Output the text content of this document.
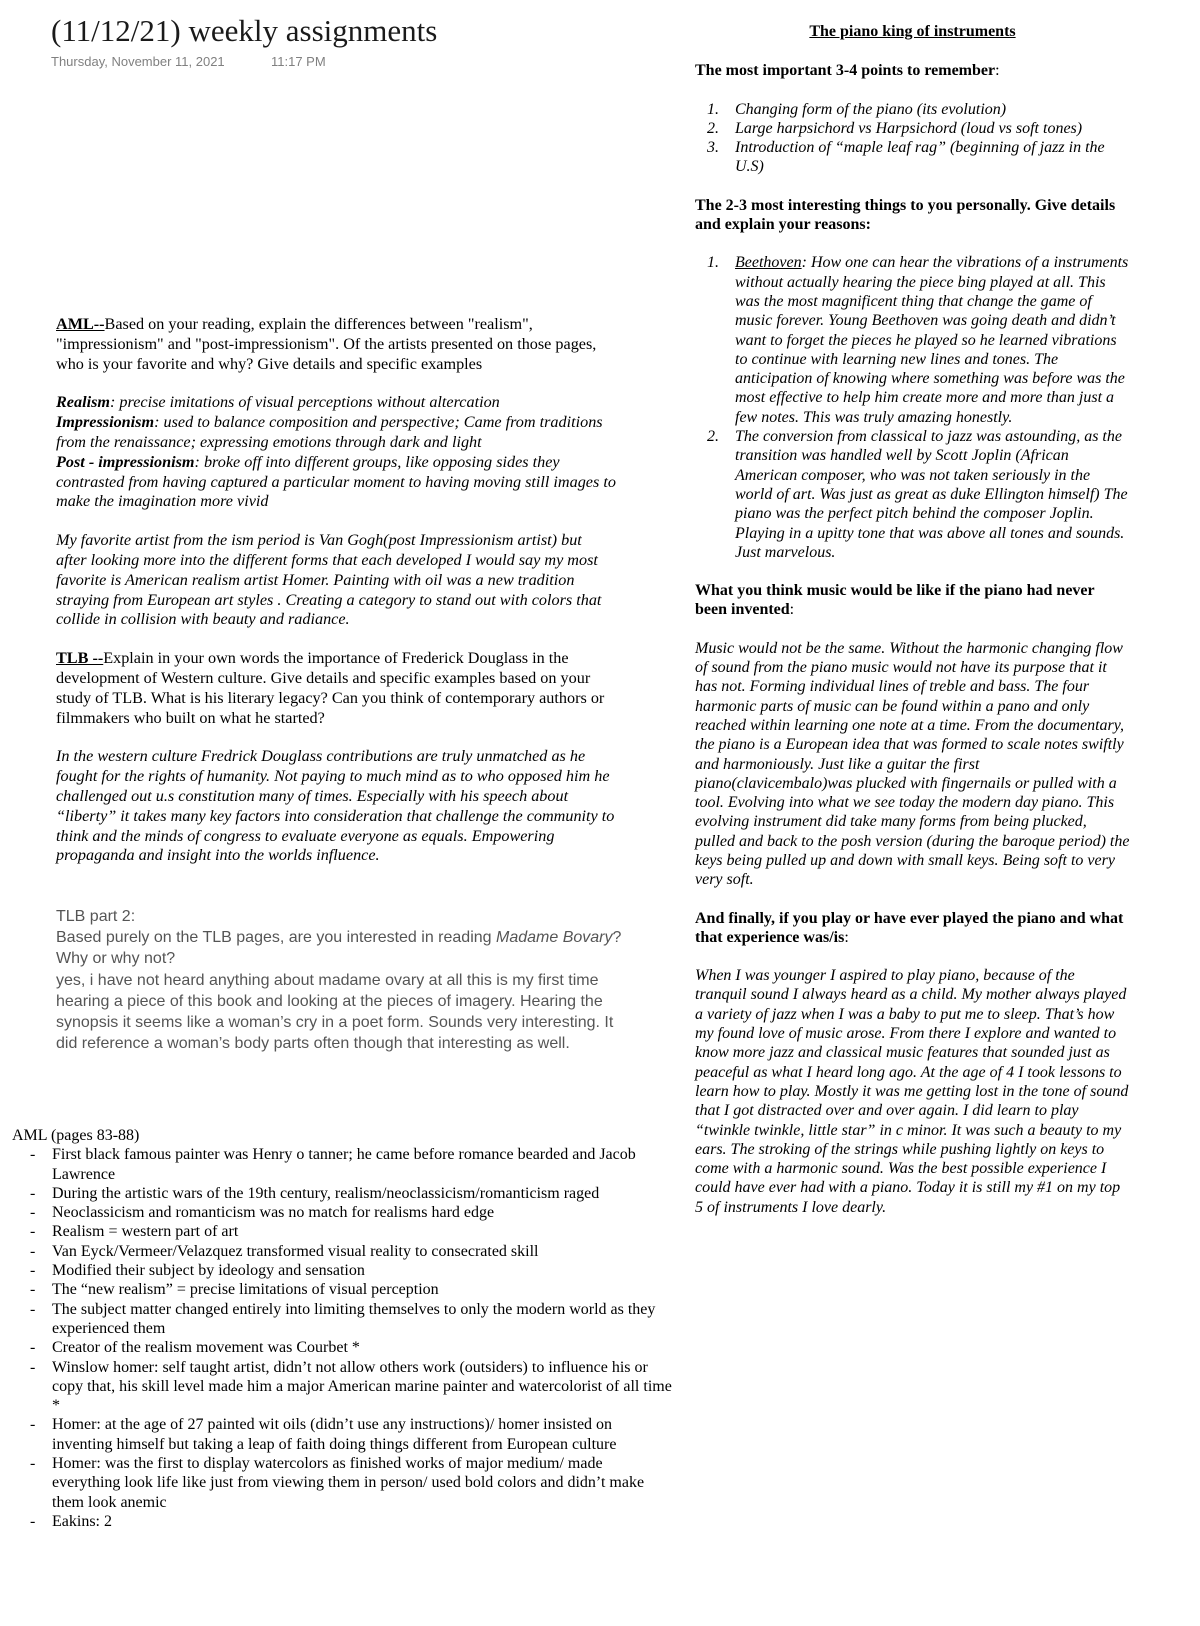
(11/12/21) weekly assignments
Thursday, November 11, 2021	11:17 PM

AML--Based on your reading, explain the differences between "realism", "impressionism" and "post-impressionism". Of the artists presented on those pages, who is your favorite and why? Give details and specific examples

Realism: precise imitations of visual perceptions without altercation
Impressionism: used to balance composition and perspective; Came from traditions from the renaissance; expressing emotions through dark and light
Post - impressionism: broke off into different groups, like opposing sides they contrasted from having captured a particular moment to having moving still images to make the imagination more vivid

My favorite artist from the ism period is Van Gogh(post Impressionism artist) but after looking more into the different forms that each developed I would say my most favorite is American realism artist Homer. Painting with oil was a new tradition straying from European art styles . Creating a category to stand out with colors that collide in collision with beauty and radiance.

TLB --Explain in your own words the importance of Frederick Douglass in the development of Western culture. Give details and specific examples based on your study of TLB. What is his literary legacy? Can you think of contemporary authors or filmmakers who built on what he started?

In the western culture Fredrick Douglass contributions are truly unmatched as he fought for the rights of humanity. Not paying to much mind as to who opposed him he challenged out u.s constitution many of times. Especially with his speech about “liberty” it takes many key factors into consideration that challenge the community to think and the minds of congress to evaluate everyone as equals. Empowering propaganda and insight into the worlds influence.

TLB part 2:
Based purely on the TLB pages, are you interested in reading Madame Bovary? Why or why not?
yes, i have not heard anything about madame ovary at all this is my first time hearing a piece of this book and looking at the pieces of imagery. Hearing the synopsis it seems like a woman’s cry in a poet form. Sounds very interesting. It did reference a woman’s body parts often though that interesting as well.
AML (pages 83-88)
- First black famous painter was Henry o tanner; he came before romance bearded and Jacob Lawrence
- During the artistic wars of the 19th century, realism/neoclassicism/romanticism raged
- Neoclassicism and romanticism was no match for realisms hard edge
- Realism = western part of art
- Van Eyck/Vermeer/Velazquez transformed visual reality to consecrated skill
- Modified their subject by ideology and sensation
- The “new realism” = precise limitations of visual perception
- The subject matter changed entirely into limiting themselves to only the modern world as they experienced them
- Creator of the realism movement was Courbet *
- Winslow homer: self taught artist, didn’t not allow others work (outsiders) to influence his or copy that, his skill level made him a major American marine painter and watercolorist of all time *
- Homer: at the age of 27 painted wit oils (didn’t use any instructions)/ homer insisted on inventing himself but taking a leap of faith doing things different from European culture
- Homer: was the first to display watercolors as finished works of major medium/ made everything look life like just from viewing them in person/ used bold colors and didn’t make them look anemic
- Eakins: 2
The piano king of instruments
The most important 3-4 points to remember:
1. Changing form of the piano (its evolution)
2. Large harpsichord vs Harpsichord (loud vs soft tones)
3. Introduction of “maple leaf rag” (beginning of jazz in the U.S)
The 2-3 most interesting things to you personally. Give details and explain your reasons:
1. Beethoven: How one can hear the vibrations of a instruments without actually hearing the piece bing played at all. This was the most magnificent thing that change the game of music forever. Young Beethoven was going death and didn’t want to forget the pieces he played so he learned vibrations to continue with learning new lines and tones. The anticipation of knowing where something was before was the most effective to help him create more and more than just a few notes. This was truly amazing honestly.
2. The conversion from classical to jazz was astounding, as the transition was handled well by Scott Joplin (African American composer, who was not taken seriously in the world of art. Was just as great as duke Ellington himself) The piano was the perfect pitch behind the composer Joplin. Playing in a upitty tone that was above all tones and sounds. Just marvelous.
What you think music would be like if the piano had never been invented:
Music would not be the same. Without the harmonic changing flow of sound from the piano music would not have its purpose that it has not. Forming individual lines of treble and bass. The four harmonic parts of music can be found within a pano and only reached within learning one note at a time. From the documentary, the piano is a European idea that was formed to scale notes swiftly and harmoniously. Just like a guitar the first piano(clavicembalo)was plucked with fingernails or pulled with a tool. Evolving into what we see today the modern day piano. This evolving instrument did take many forms from being plucked, pulled and back to the posh version (during the baroque period) the keys being pulled up and down with small keys. Being soft to very very soft.
And finally, if you play or have ever played the piano and what that experience was/is:
When I was younger I aspired to play piano, because of the tranquil sound I always heard as a child. My mother always played a variety of jazz when I was a baby to put me to sleep. That’s how my found love of music arose. From there I explore and wanted to know more jazz and classical music features that sounded just as peaceful as what I heard long ago. At the age of 4 I took lessons to learn how to play. Mostly it was me getting lost in the tone of sound that I got distracted over and over again. I did learn to play “twinkle twinkle, little star” in c minor. It was such a beauty to my ears. The stroking of the strings while pushing lightly on keys to come with a harmonic sound. Was the best possible experience I could have ever had with a piano. Today it is still my #1 on my top 5 of instruments I love dearly.
